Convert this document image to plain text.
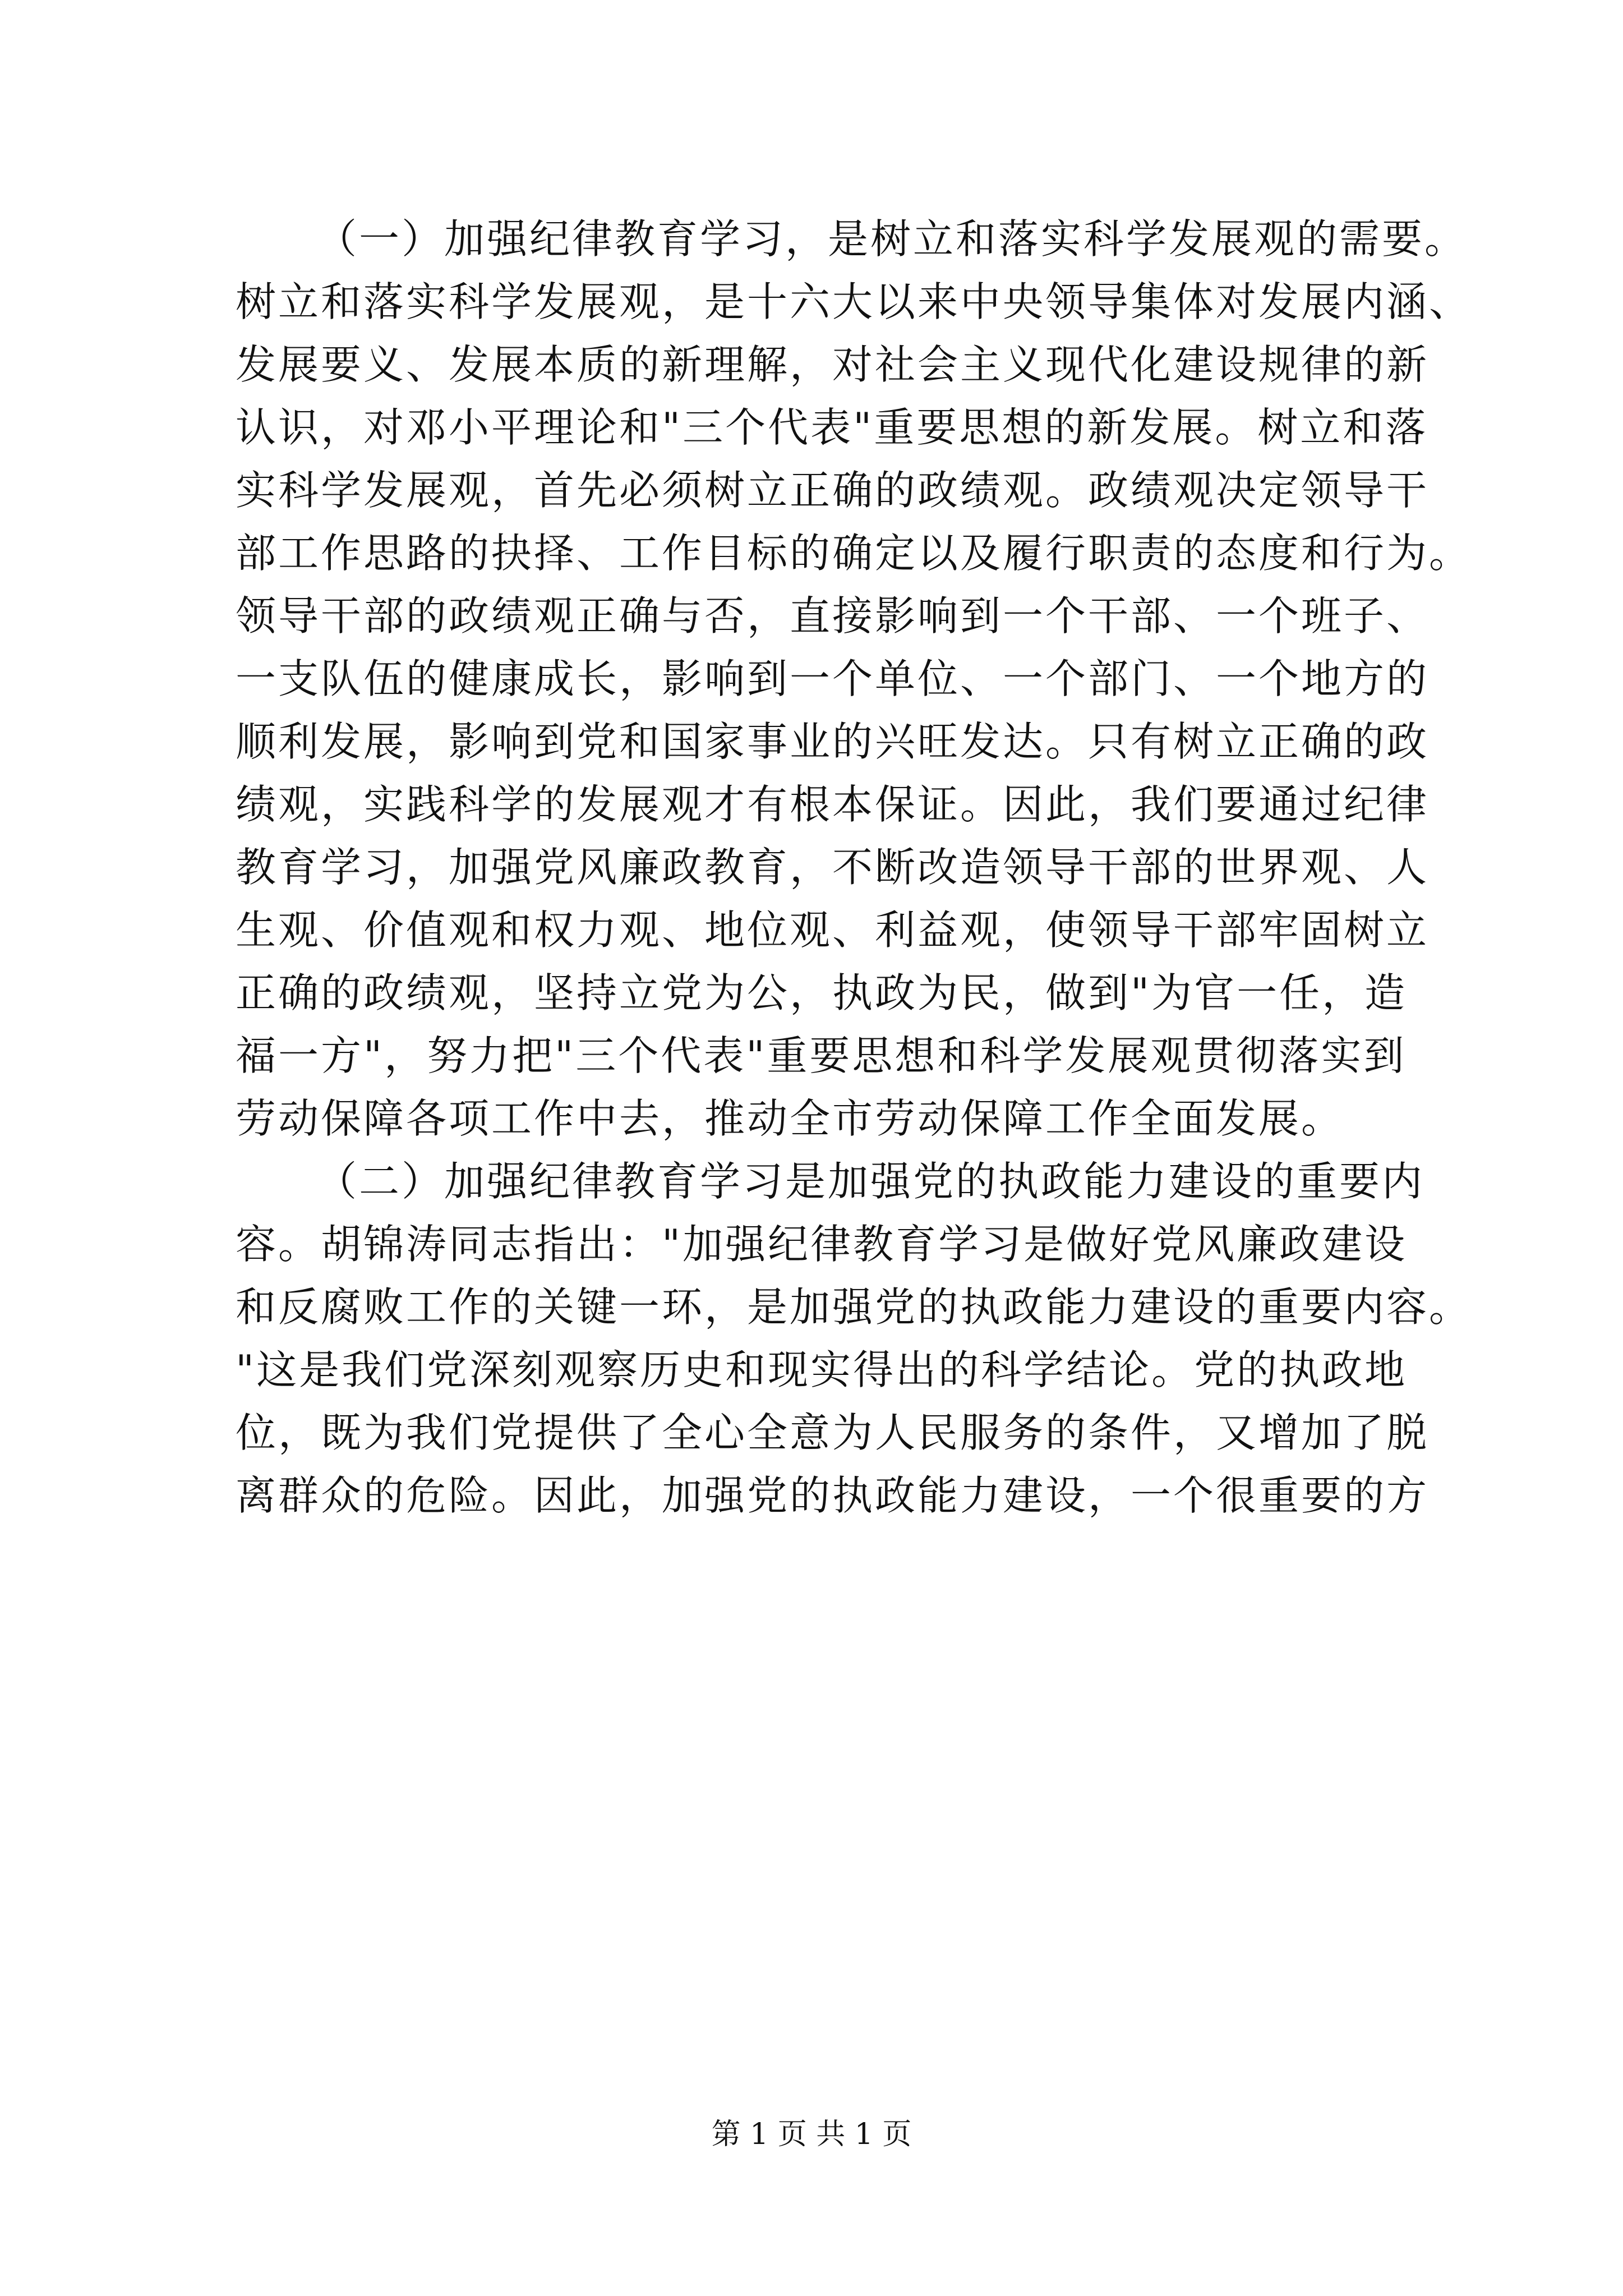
（一）加强纪律教育学习，是树立和落实科学发展观的需要。
树立和落实科学发展观，是十六大以来中央领导集体对发展内涵、
发展要义、发展本质的新理解，对社会主义现代化建设规律的新
认识，对邓小平理论和"三个代表"重要思想的新发展。树立和落
实科学发展观，首先必须树立正确的政绩观。政绩观决定领导干
部工作思路的抉择、工作目标的确定以及履行职责的态度和行为。
领导干部的政绩观正确与否，直接影响到一个干部、一个班子、
一支队伍的健康成长，影响到一个单位、一个部门、一个地方的
顺利发展，影响到党和国家事业的兴旺发达。只有树立正确的政
绩观，实践科学的发展观才有根本保证。因此，我们要通过纪律
教育学习，加强党风廉政教育，不断改造领导干部的世界观、人
生观、价值观和权力观、地位观、利益观，使领导干部牢固树立
正确的政绩观，坚持立党为公，执政为民，做到"为官一任，造
福一方"，努力把"三个代表"重要思想和科学发展观贯彻落实到
劳动保障各项工作中去，推动全市劳动保障工作全面发展。
（二）加强纪律教育学习是加强党的执政能力建设的重要内
容。胡锦涛同志指出："加强纪律教育学习是做好党风廉政建设
和反腐败工作的关键一环，是加强党的执政能力建设的重要内容。
"这是我们党深刻观察历史和现实得出的科学结论。党的执政地
位，既为我们党提供了全心全意为人民服务的条件，又增加了脱
离群众的危险。因此，加强党的执政能力建设，一个很重要的方
第 1 页 共 1 页
